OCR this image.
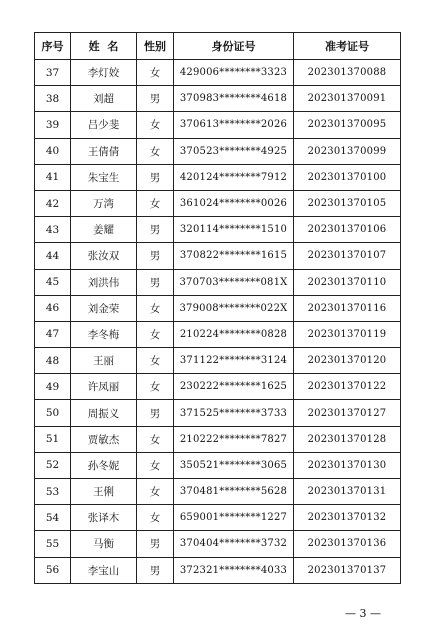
序号	姓  名	性别	身份证号	准考证号
37	李灯姣	女	429006********3323	202301370088
38	刘超	男	370983********4618	202301370091
39	吕少斐	女	370613********2026	202301370095
40	王倩倩	女	370523********4925	202301370099
41	朱宝生	男	420124********7912	202301370100
42	万湾	女	361024********0026	202301370105
43	姜耀	男	320114********1510	202301370106
44	张汝双	男	370822********1615	202301370107
45	刘洪伟	男	370703********081X	202301370110
46	刘金荣	女	379008********022X	202301370116
47	李冬梅	女	210224********0828	202301370119
48	王丽	女	371122********3124	202301370120
49	许凤丽	女	230222********1625	202301370122
50	周振义	男	371525********3733	202301370127
51	贾敏杰	女	210222********7827	202301370128
52	孙冬妮	女	350521********3065	202301370130
53	王俐	女	370481********5628	202301370131
54	张译木	女	659001********1227	202301370132
55	马衡	男	370404********3732	202301370136
56	李宝山	男	372321********4033	202301370137
— 3 —
